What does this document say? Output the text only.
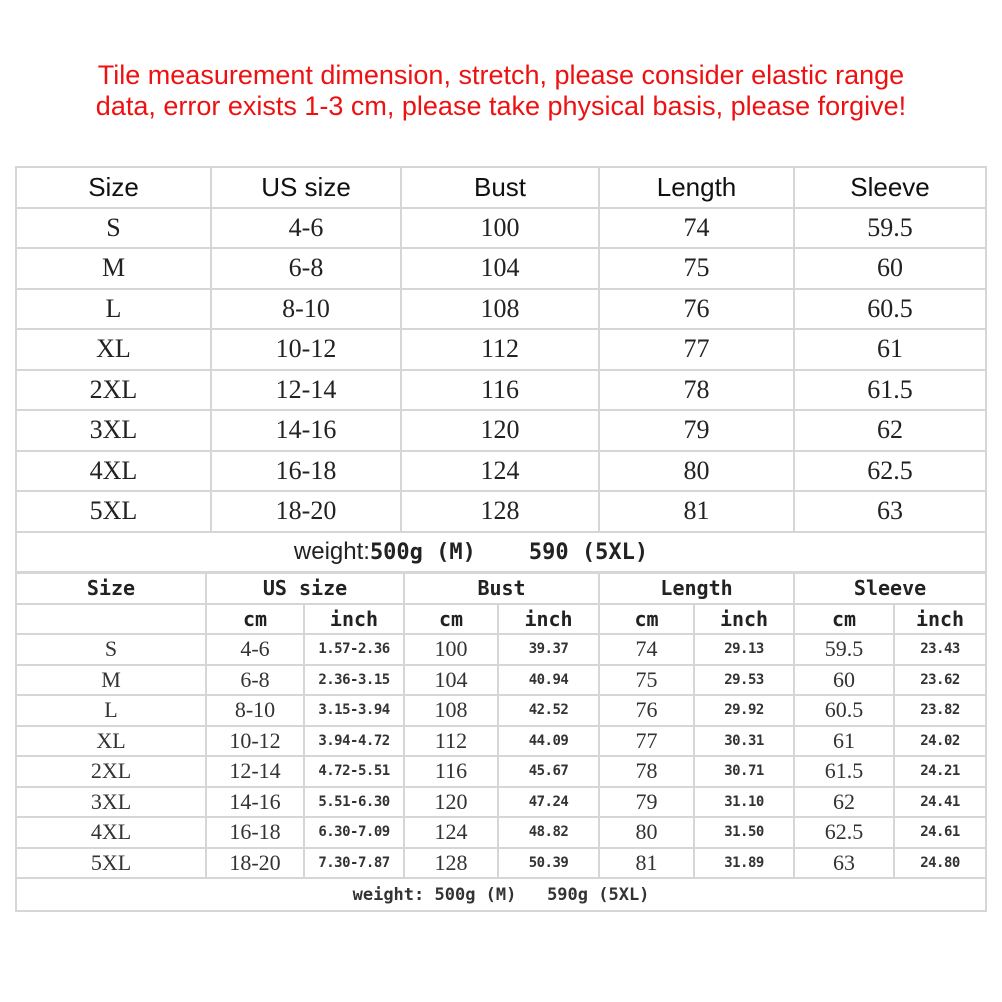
Tile measurement dimension, stretch, please consider elastic range
data, error exists 1-3 cm, please take physical basis, please forgive!
Size	US size	Bust	Length	Sleeve
S	4-6	100	74	59.5
M	6-8	104	75	60
L	8-10	108	76	60.5
XL	10-12	112	77	61
2XL	12-14	116	78	61.5
3XL	14-16	120	79	62
4XL	16-18	124	80	62.5
5XL	18-20	128	81	63
weight:500g (M)    590 (5XL)				
Size	US size		Bust		Length		Sleeve	
	cm	inch	cm	inch	cm	inch	cm	inch
S	4-6	1.57-2.36	100	39.37	74	29.13	59.5	23.43
M	6-8	2.36-3.15	104	40.94	75	29.53	60	23.62
L	8-10	3.15-3.94	108	42.52	76	29.92	60.5	23.82
XL	10-12	3.94-4.72	112	44.09	77	30.31	61	24.02
2XL	12-14	4.72-5.51	116	45.67	78	30.71	61.5	24.21
3XL	14-16	5.51-6.30	120	47.24	79	31.10	62	24.41
4XL	16-18	6.30-7.09	124	48.82	80	31.50	62.5	24.61
5XL	18-20	7.30-7.87	128	50.39	81	31.89	63	24.80
weight: 500g (M)   590g (5XL)								
